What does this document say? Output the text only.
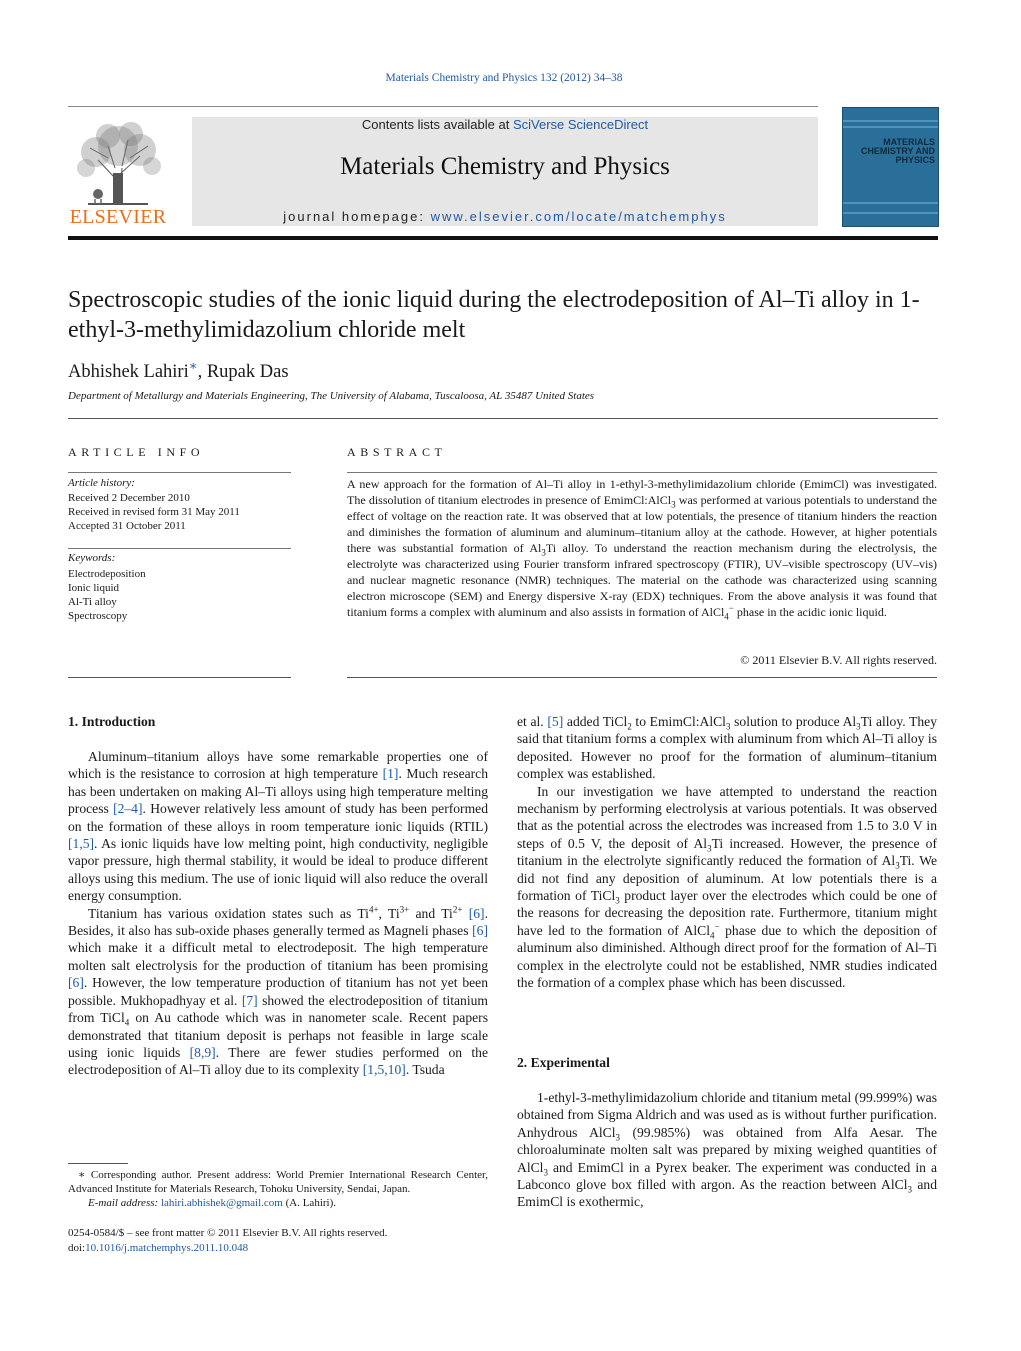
Materials Chemistry and Physics 132 (2012) 34–38
ELSEVIER
Contents lists available at SciVerse ScienceDirect
Materials Chemistry and Physics
journal homepage: www.elsevier.com/locate/matchemphys
MATERIALS CHEMISTRY AND PHYSICS
Spectroscopic studies of the ionic liquid during the electrodeposition of Al–Ti alloy in 1-ethyl-3-methylimidazolium chloride melt
Abhishek Lahiri∗, Rupak Das
Department of Metallurgy and Materials Engineering, The University of Alabama, Tuscaloosa, AL 35487 United States
ARTICLE INFO
Article history:
Received 2 December 2010
Received in revised form 31 May 2011
Accepted 31 October 2011
Keywords:
Electrodeposition
Ionic liquid
Al-Ti alloy
Spectroscopy
ABSTRACT
A new approach for the formation of Al–Ti alloy in 1-ethyl-3-methylimidazolium chloride (EmimCl) was investigated. The dissolution of titanium electrodes in presence of EmimCl:AlCl$_3$ was performed at various potentials to understand the effect of voltage on the reaction rate. It was observed that at low potentials, the presence of titanium hinders the reaction and diminishes the formation of aluminum and aluminum–titanium alloy at the cathode. However, at higher potentials there was substantial formation of $Al_3Ti$ alloy. To understand the reaction mechanism during the electrolysis, the electrolyte was characterized using Fourier transform infrared spectroscopy (FTIR), UV–visible spectroscopy (UV–vis) and nuclear magnetic resonance (NMR) techniques. The material on the cathode was characterized using scanning electron microscope (SEM) and Energy dispersive X-ray (EDX) techniques. From the above analysis it was found that titanium forms a complex with aluminum and also assists in formation of AlCl$_4$− phase in the acidic ionic liquid.
© 2011 Elsevier B.V. All rights reserved.
1. Introduction

Aluminum–titanium alloys have some remarkable properties one of which is the resistance to corrosion at high temperature [1]. Much research has been undertaken on making Al–Ti alloys using high temperature melting process [2–4]. However relatively less amount of study has been performed on the formation of these alloys in room temperature ionic liquids (RTIL) [1,5]. As ionic liquids have low melting point, high conductivity, negligible vapor pressure, high thermal stability, it would be ideal to produce different alloys using this medium. The use of ionic liquid will also reduce the overall energy consumption.

Titanium has various oxidation states such as $Ti^{4+}$, $Ti^{3+}$ and $Ti^{2+}$ [6]. Besides, it also has sub-oxide phases generally termed as Magneli phases [6] which make it a difficult metal to electrodeposit. The high temperature molten salt electrolysis for the production of titanium has been promising [6]. However, the low temperature production of titanium has not yet been possible. Mukhopadhyay et al. [7] showed the electrodeposition of titanium from TiCl$_4$ on Au cathode which was in nanometer scale. Recent papers demonstrated that titanium deposit is perhaps not feasible in large scale using ionic liquids [8,9]. There are fewer studies performed on the electrodeposition of Al–Ti alloy due to its complexity [1,5,10]. Tsuda

et al. [5] added TiCl$_2$ to EmimCl:AlCl$_3$ solution to produce $Al_3Ti$ alloy. They said that titanium forms a complex with aluminum from which Al–Ti alloy is deposited. However no proof for the formation of aluminum–titanium complex was established.

In our investigation we have attempted to understand the reaction mechanism by performing electrolysis at various potentials. It was observed that as the potential across the electrodes was increased from 1.5 to 3.0 V in steps of 0.5 V, the deposit of $Al_3Ti$ increased. However, the presence of titanium in the electrolyte significantly reduced the formation of $Al_3Ti$. We did not find any deposition of aluminum. At low potentials there is a formation of TiCl$_3$ product layer over the electrodes which could be one of the reasons for decreasing the deposition rate. Furthermore, titanium might have led to the formation of AlCl$_4$− phase due to which the deposition of aluminum also diminished. Although direct proof for the formation of Al–Ti complex in the electrolyte could not be established, NMR studies indicated the formation of a complex phase which has been discussed.

2. Experimental

1-ethyl-3-methylimidazolium chloride and titanium metal (99.999%) was obtained from Sigma Aldrich and was used as is without further purification. Anhydrous AlCl$_3$ (99.985%) was obtained from Alfa Aesar. The chloroaluminate molten salt was prepared by mixing weighed quantities of AlCl$_3$ and EmimCl in a Pyrex beaker. The experiment was conducted in a Labconco glove box filled with argon. As the reaction between AlCl$_3$ and EmimCl is exothermic,

∗ Corresponding author. Present address: World Premier International Research Center, Advanced Institute for Materials Research, Tohoku University, Sendai, Japan.
E-mail address: lahiri.abhishek@gmail.com (A. Lahiri).
0254-0584/$ – see front matter © 2011 Elsevier B.V. All rights reserved.
doi:10.1016/j.matchemphys.2011.10.048
